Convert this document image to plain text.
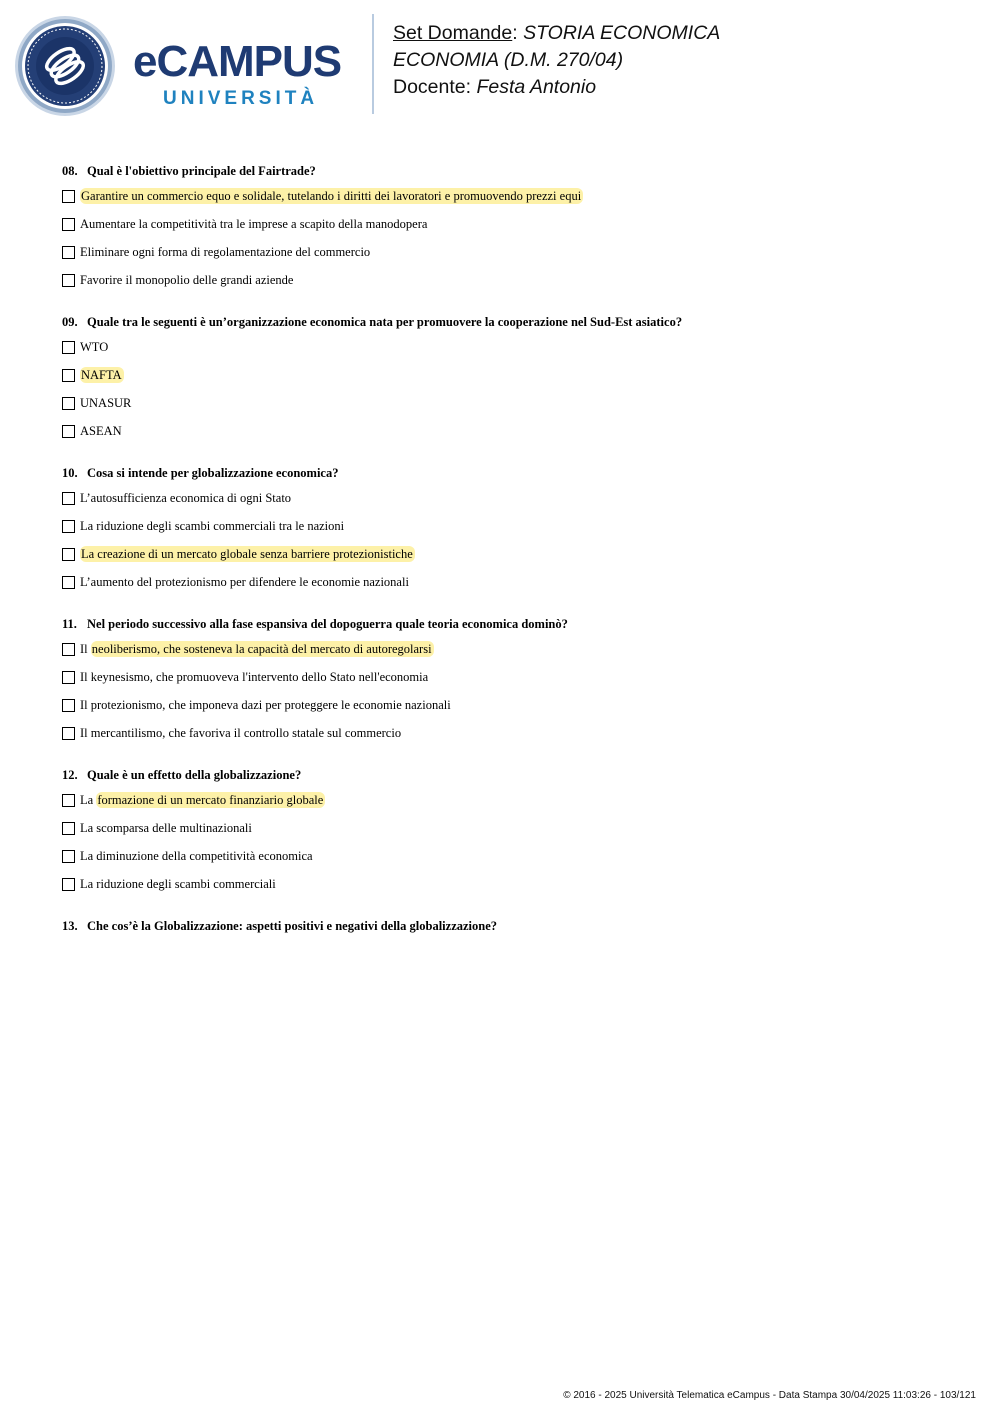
eCAMPUS
UNIVERSITÀ
Set Domande: STORIA ECONOMICA
ECONOMIA (D.M. 270/04)
Docente: Festa Antonio
08. Qual è l'obiettivo principale del Fairtrade?
Garantire un commercio equo e solidale, tutelando i diritti dei lavoratori e promuovendo prezzi equi
Aumentare la competitività tra le imprese a scapito della manodopera
Eliminare ogni forma di regolamentazione del commercio
Favorire il monopolio delle grandi aziende
09. Quale tra le seguenti è un’organizzazione economica nata per promuovere la cooperazione nel Sud-Est asiatico?
WTO
NAFTA
UNASUR
ASEAN
10. Cosa si intende per globalizzazione economica?
L’autosufficienza economica di ogni Stato
La riduzione degli scambi commerciali tra le nazioni
La creazione di un mercato globale senza barriere protezionistiche
L’aumento del protezionismo per difendere le economie nazionali
11. Nel periodo successivo alla fase espansiva del dopoguerra quale teoria economica dominò?
Il neoliberismo, che sosteneva la capacità del mercato di autoregolarsi
Il keynesismo, che promuoveva l'intervento dello Stato nell'economia
Il protezionismo, che imponeva dazi per proteggere le economie nazionali
Il mercantilismo, che favoriva il controllo statale sul commercio
12. Quale è un effetto della globalizzazione?
La formazione di un mercato finanziario globale
La scomparsa delle multinazionali
La diminuzione della competitività economica
La riduzione degli scambi commerciali
13. Che cos’è la Globalizzazione: aspetti positivi e negativi della globalizzazione?
© 2016 - 2025 Università Telematica eCampus - Data Stampa 30/04/2025 11:03:26 - 103/121
